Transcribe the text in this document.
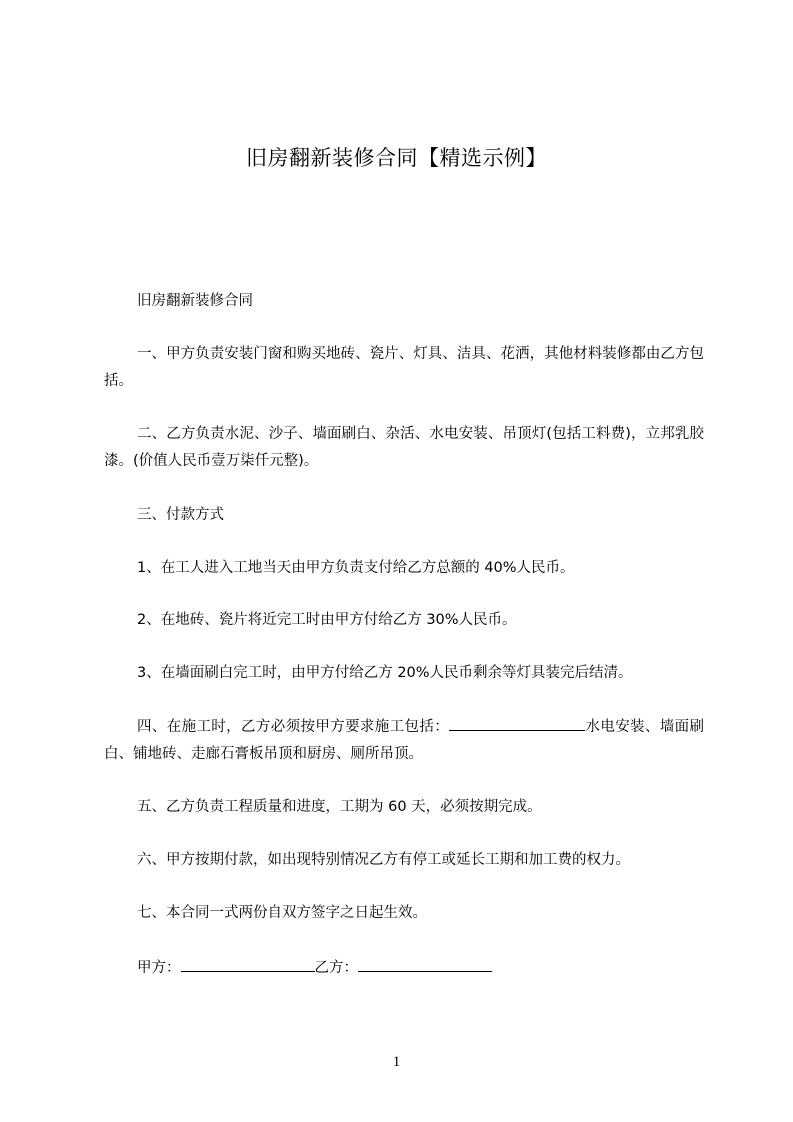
旧房翻新装修合同【精选示例】
旧房翻新装修合同
一、甲方负责安装门窗和购买地砖、瓷片、灯具、洁具、花洒，其他材料装修都由乙方包括。
二、乙方负责水泥、沙子、墙面刷白、杂活、水电安装、吊顶灯(包括工料费)，立邦乳胶漆。(价值人民币壹万柒仟元整)。
三、付款方式
1、在工人进入工地当天由甲方负责支付给乙方总额的 40%人民币。
2、在地砖、瓷片将近完工时由甲方付给乙方 30%人民币。
3、在墙面刷白完工时，由甲方付给乙方 20%人民币剩余等灯具装完后结清。
四、在施工时，乙方必须按甲方要求施工包括：	水电安装、墙面刷白、铺地砖、走廊石膏板吊顶和厨房、厕所吊顶。
五、乙方负责工程质量和进度，工期为 60 天，必须按期完成。
六、甲方按期付款，如出现特别情况乙方有停工或延长工期和加工费的权力。
七、本合同一式两份自双方签字之日起生效。
甲方：	乙方：
1
